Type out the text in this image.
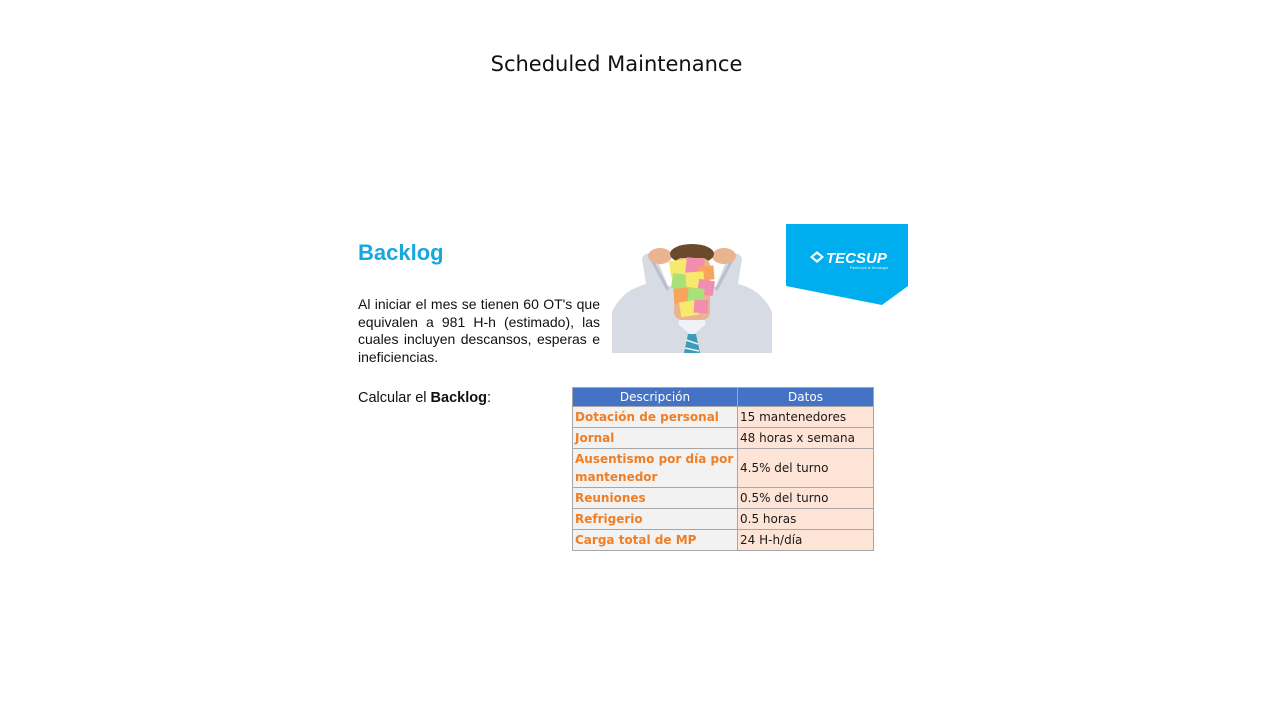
Scheduled Maintenance
Backlog
Al iniciar el mes se tienen 60 OT's que equivalen a 981 H-h (estimado), las cuales incluyen descansos, esperas e ineficiencias.
Calcular el Backlog:
TECSUP
Pasión por la Tecnología
Descripción	Datos
Dotación de personal	15 mantenedores
Jornal	48 horas x semana
Ausentismo por día por mantenedor	4.5% del turno
Reuniones	0.5% del turno
Refrigerio	0.5 horas
Carga total de MP	24 H-h/día
